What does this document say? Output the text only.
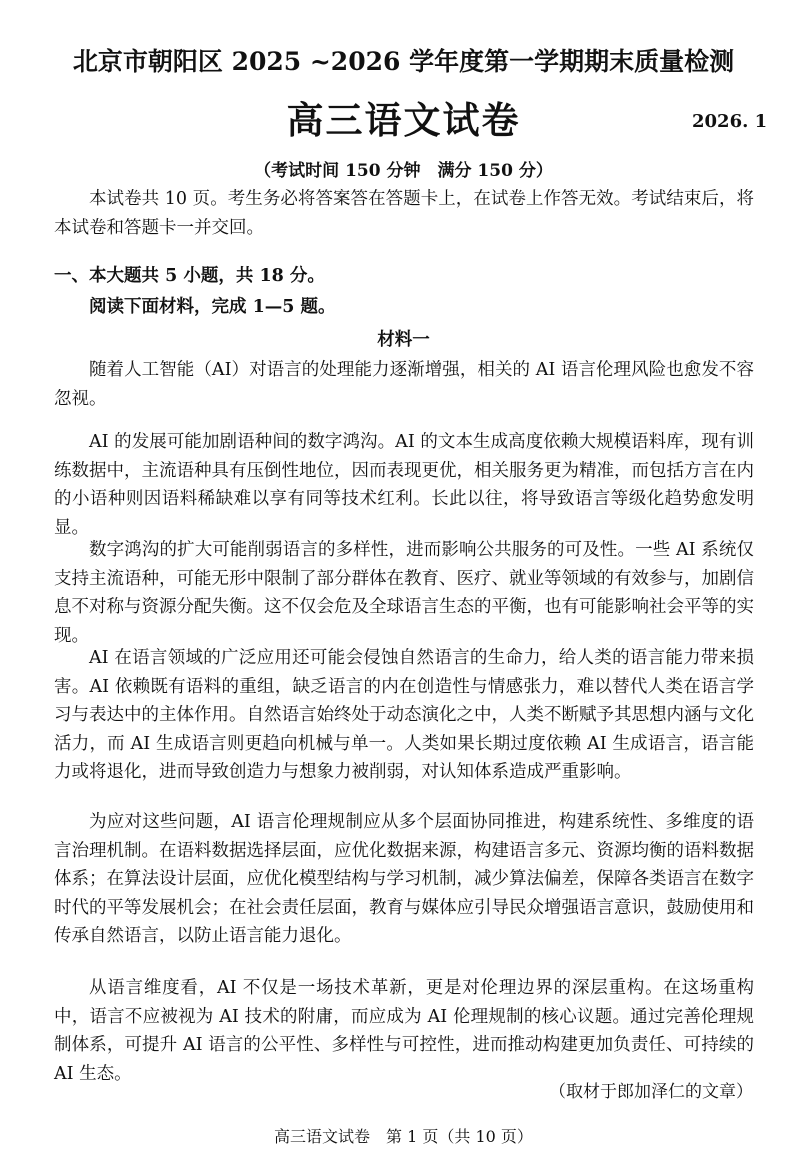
北京市朝阳区 2025 ~2026 学年度第一学期期末质量检测
高三语文试卷	2026. 1
（考试时间 150 分钟　满分 150 分）
本试卷共 10 页。考生务必将答案答在答题卡上，在试卷上作答无效。考试结束后，将本试卷和答题卡一并交回。
一、本大题共 5 小题，共 18 分。
阅读下面材料，完成 1—5 题。
材料一
随着人工智能（AI）对语言的处理能力逐渐增强，相关的 AI 语言伦理风险也愈发不容忽视。
AI 的发展可能加剧语种间的数字鸿沟。AI 的文本生成高度依赖大规模语料库，现有训练数据中，主流语种具有压倒性地位，因而表现更优，相关服务更为精准，而包括方言在内的小语种则因语料稀缺难以享有同等技术红利。长此以往，将导致语言等级化趋势愈发明显。
数字鸿沟的扩大可能削弱语言的多样性，进而影响公共服务的可及性。一些 AI 系统仅支持主流语种，可能无形中限制了部分群体在教育、医疗、就业等领域的有效参与，加剧信息不对称与资源分配失衡。这不仅会危及全球语言生态的平衡，也有可能影响社会平等的实现。
AI 在语言领域的广泛应用还可能会侵蚀自然语言的生命力，给人类的语言能力带来损害。AI 依赖既有语料的重组，缺乏语言的内在创造性与情感张力，难以替代人类在语言学习与表达中的主体作用。自然语言始终处于动态演化之中，人类不断赋予其思想内涵与文化活力，而 AI 生成语言则更趋向机械与单一。人类如果长期过度依赖 AI 生成语言，语言能力或将退化，进而导致创造力与想象力被削弱，对认知体系造成严重影响。
为应对这些问题，AI 语言伦理规制应从多个层面协同推进，构建系统性、多维度的语言治理机制。在语料数据选择层面，应优化数据来源，构建语言多元、资源均衡的语料数据体系；在算法设计层面，应优化模型结构与学习机制，减少算法偏差，保障各类语言在数字时代的平等发展机会；在社会责任层面，教育与媒体应引导民众增强语言意识，鼓励使用和传承自然语言，以防止语言能力退化。
从语言维度看，AI 不仅是一场技术革新，更是对伦理边界的深层重构。在这场重构中，语言不应被视为 AI 技术的附庸，而应成为 AI 伦理规制的核心议题。通过完善伦理规制体系，可提升 AI 语言的公平性、多样性与可控性，进而推动构建更加负责任、可持续的 AI 生态。
（取材于郎加泽仁的文章）
高三语文试卷　第 1 页（共 10 页）
